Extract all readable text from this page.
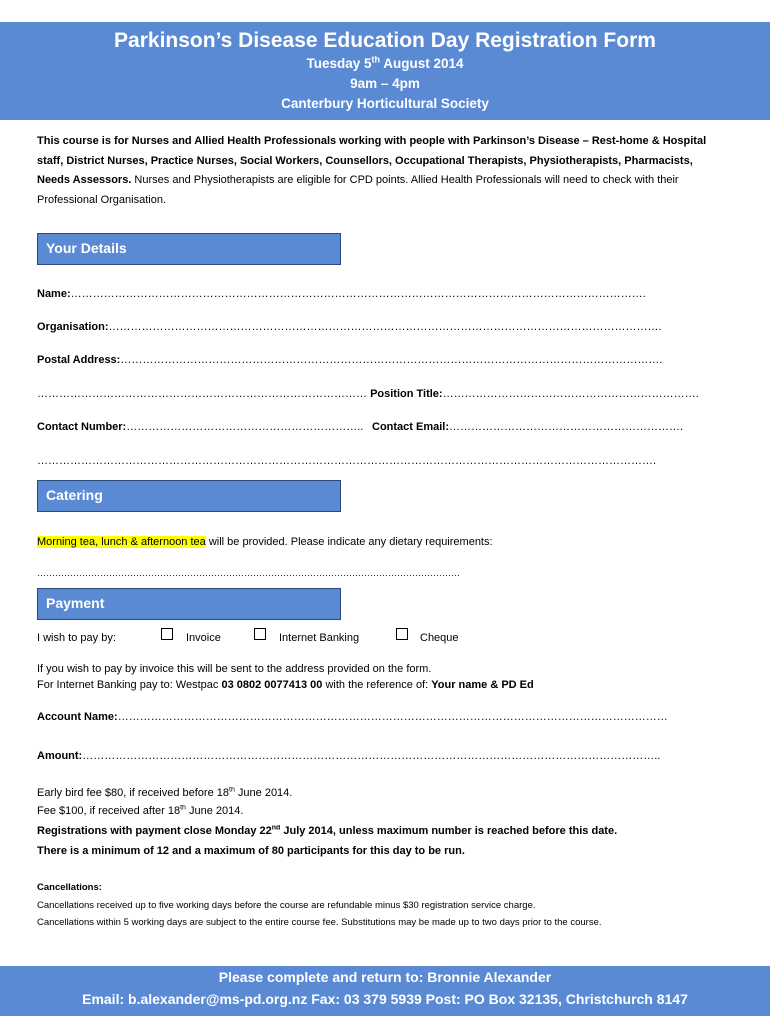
Parkinson’s Disease Education Day Registration Form
Tuesday 5th August 2014
9am – 4pm
Canterbury Horticultural Society
This course is for Nurses and Allied Health Professionals working with people with Parkinson’s Disease – Rest-home & Hospital staff, District Nurses, Practice Nurses, Social Workers, Counsellors, Occupational Therapists, Physiotherapists, Pharmacists, Needs Assessors. Nurses and Physiotherapists are eligible for CPD points. Allied Health Professionals will need to check with their Professional Organisation.
Your Details
Name:………………………………………………………………………………………………………………………………………….
Organisation:…………………………………………………………………………………………………………………………………….
Postal Address:………………………………………………………………………………………………………………………………….
……………………………………………………………………………… Position Title:…………………………………………………………….
Contact Number:……………………………………………………….. Contact Email:……………………………………………………….
…………………………………………………………………………………………………………………………………………………….
Catering
Morning tea, lunch & afternoon tea will be provided. Please indicate any dietary requirements:
……………………………………………………………………………………………………………………………
Payment
I wish to pay by:	Invoice	Internet Banking	Cheque
If you wish to pay by invoice this will be sent to the address provided on the form.
For Internet Banking pay to: Westpac 03 0802 0077413 00 with the reference of: Your name & PD Ed
Account Name:……………………………………………………………………………………………………………………………………
Amount:…………………………………………………………………………………………………………………………………………..
Early bird fee $80, if received before 18th June 2014.
Fee $100, if received after 18th June 2014.
Registrations with payment close Monday 22nd July 2014, unless maximum number is reached before this date.
There is a minimum of 12 and a maximum of 80 participants for this day to be run.
Cancellations:
Cancellations received up to five working days before the course are refundable minus $30 registration service charge.
Cancellations within 5 working days are subject to the entire course fee. Substitutions may be made up to two days prior to the course.
Please complete and return to: Bronnie Alexander
Email: b.alexander@ms-pd.org.nz Fax: 03 379 5939 Post: PO Box 32135, Christchurch 8147
